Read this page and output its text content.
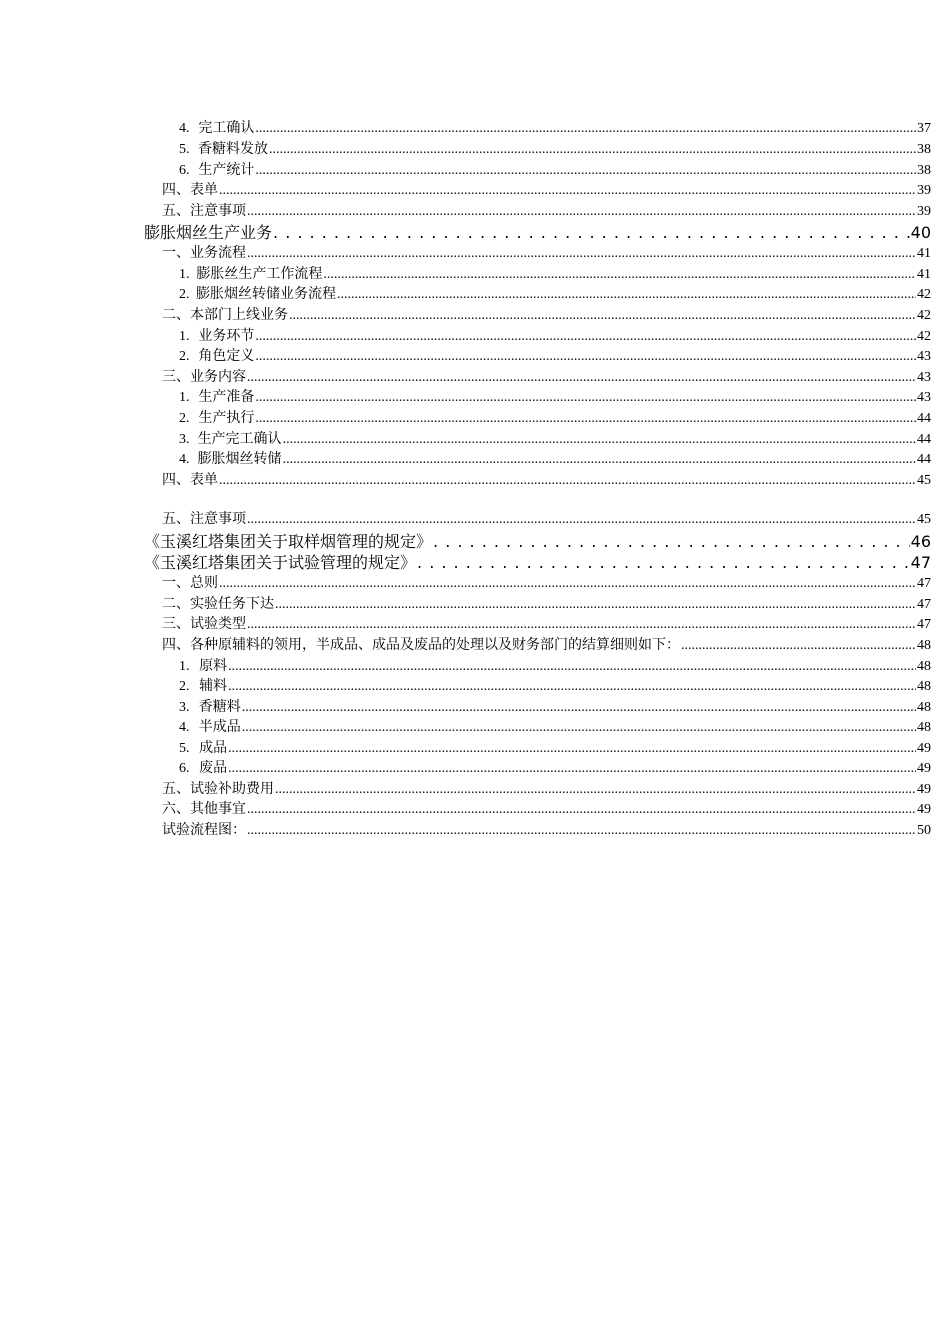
4. 完工确认 .....	37
5. 香糖料发放 .....	38
6. 生产统计 .....	38
四、 表单 .....	39
五、 注意事项 .....	39
膨胀烟丝生产业务 . . .	40
一、 业务流程 .....	41
1. 膨胀丝生产工作流程 .....	41
2. 膨胀烟丝转储业务流程 .....	42
二、 本部门上线业务 .....	42
1. 业务环节 .....	42
2. 角色定义 .....	43
三、 业务内容 .....	43
1. 生产准备 .....	43
2. 生产执行 .....	44
3. 生产完工确认 .....	44
4. 膨胀烟丝转储 .....	44
四、 表单 .....	45
五、 注意事项 .....	45
《玉溪红塔集团关于取样烟管理的规定》 . . .	46
《玉溪红塔集团关于试验管理的规定》 . . .	47
一、 总则 .....	47
二、 实验任务下达 .....	47
三、 试验类型 .....	47
四、 各种原辅料的领用，半成品、成品及废品的处理以及财务部门的结算细则如下： .....	48
1. 原料 .....	48
2. 辅料 .....	48
3. 香糖料 .....	48
4. 半成品 .....	48
5. 成品 .....	49
6. 废品 .....	49
五、 试验补助费用 .....	49
六、 其他事宜 .....	49
试验流程图： .....	50
